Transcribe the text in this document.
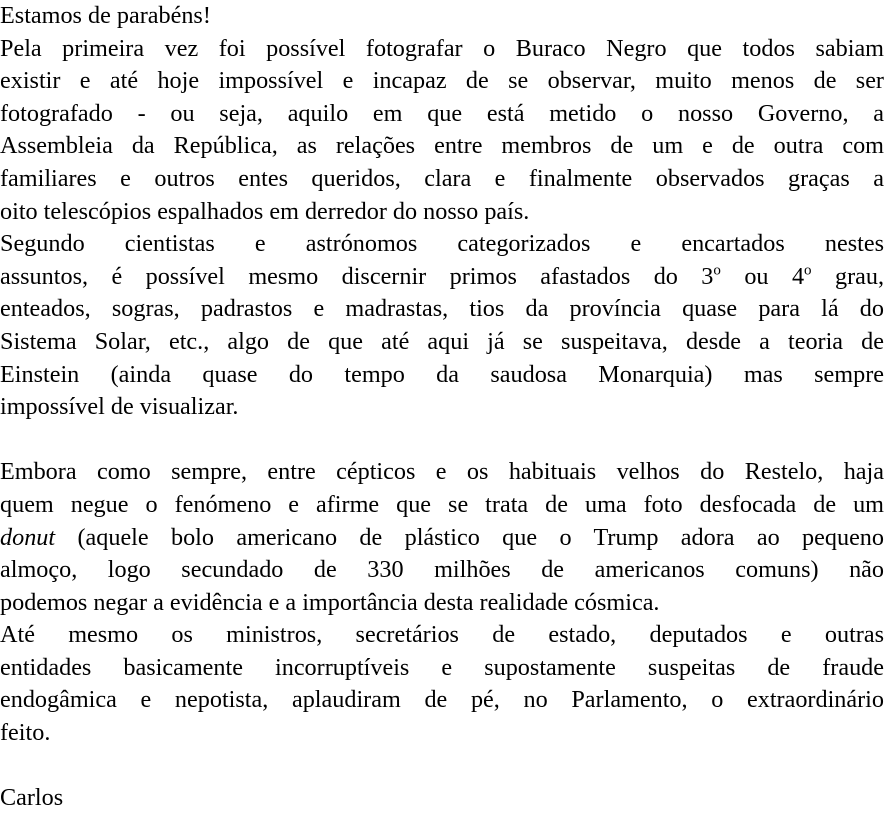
Estamos de parabéns!
Pela primeira vez foi possível fotografar o Buraco Negro que todos sabiam
existir e até hoje impossível e incapaz de se observar, muito menos de ser
fotografado - ou seja, aquilo em que está metido o nosso Governo, a
Assembleia da República, as relações entre membros de um e de outra com
familiares e outros entes queridos, clara e finalmente observados graças a
oito telescópios espalhados em derredor do nosso país.
Segundo cientistas e astrónomos categorizados e encartados nestes
assuntos, é possível mesmo discernir primos afastados do 3$^o$ ou 4$^o$ grau,
enteados, sogras, padrastos e madrastas, tios da província quase para lá do
Sistema Solar, etc., algo de que até aqui já se suspeitava, desde a teoria de
Einstein (ainda quase do tempo da saudosa Monarquia) mas sempre
impossível de visualizar.
Embora como sempre, entre cépticos e os habituais velhos do Restelo, haja
quem negue o fenómeno e afirme que se trata de uma foto desfocada de um
donut (aquele bolo americano de plástico que o Trump adora ao pequeno
almoço, logo secundado de 330 milhões de americanos comuns) não
podemos negar a evidência e a importância desta realidade cósmica.
Até mesmo os ministros, secretários de estado, deputados e outras
entidades basicamente incorruptíveis e supostamente suspeitas de fraude
endogâmica e nepotista, aplaudiram de pé, no Parlamento, o extraordinário
feito.
Carlos
